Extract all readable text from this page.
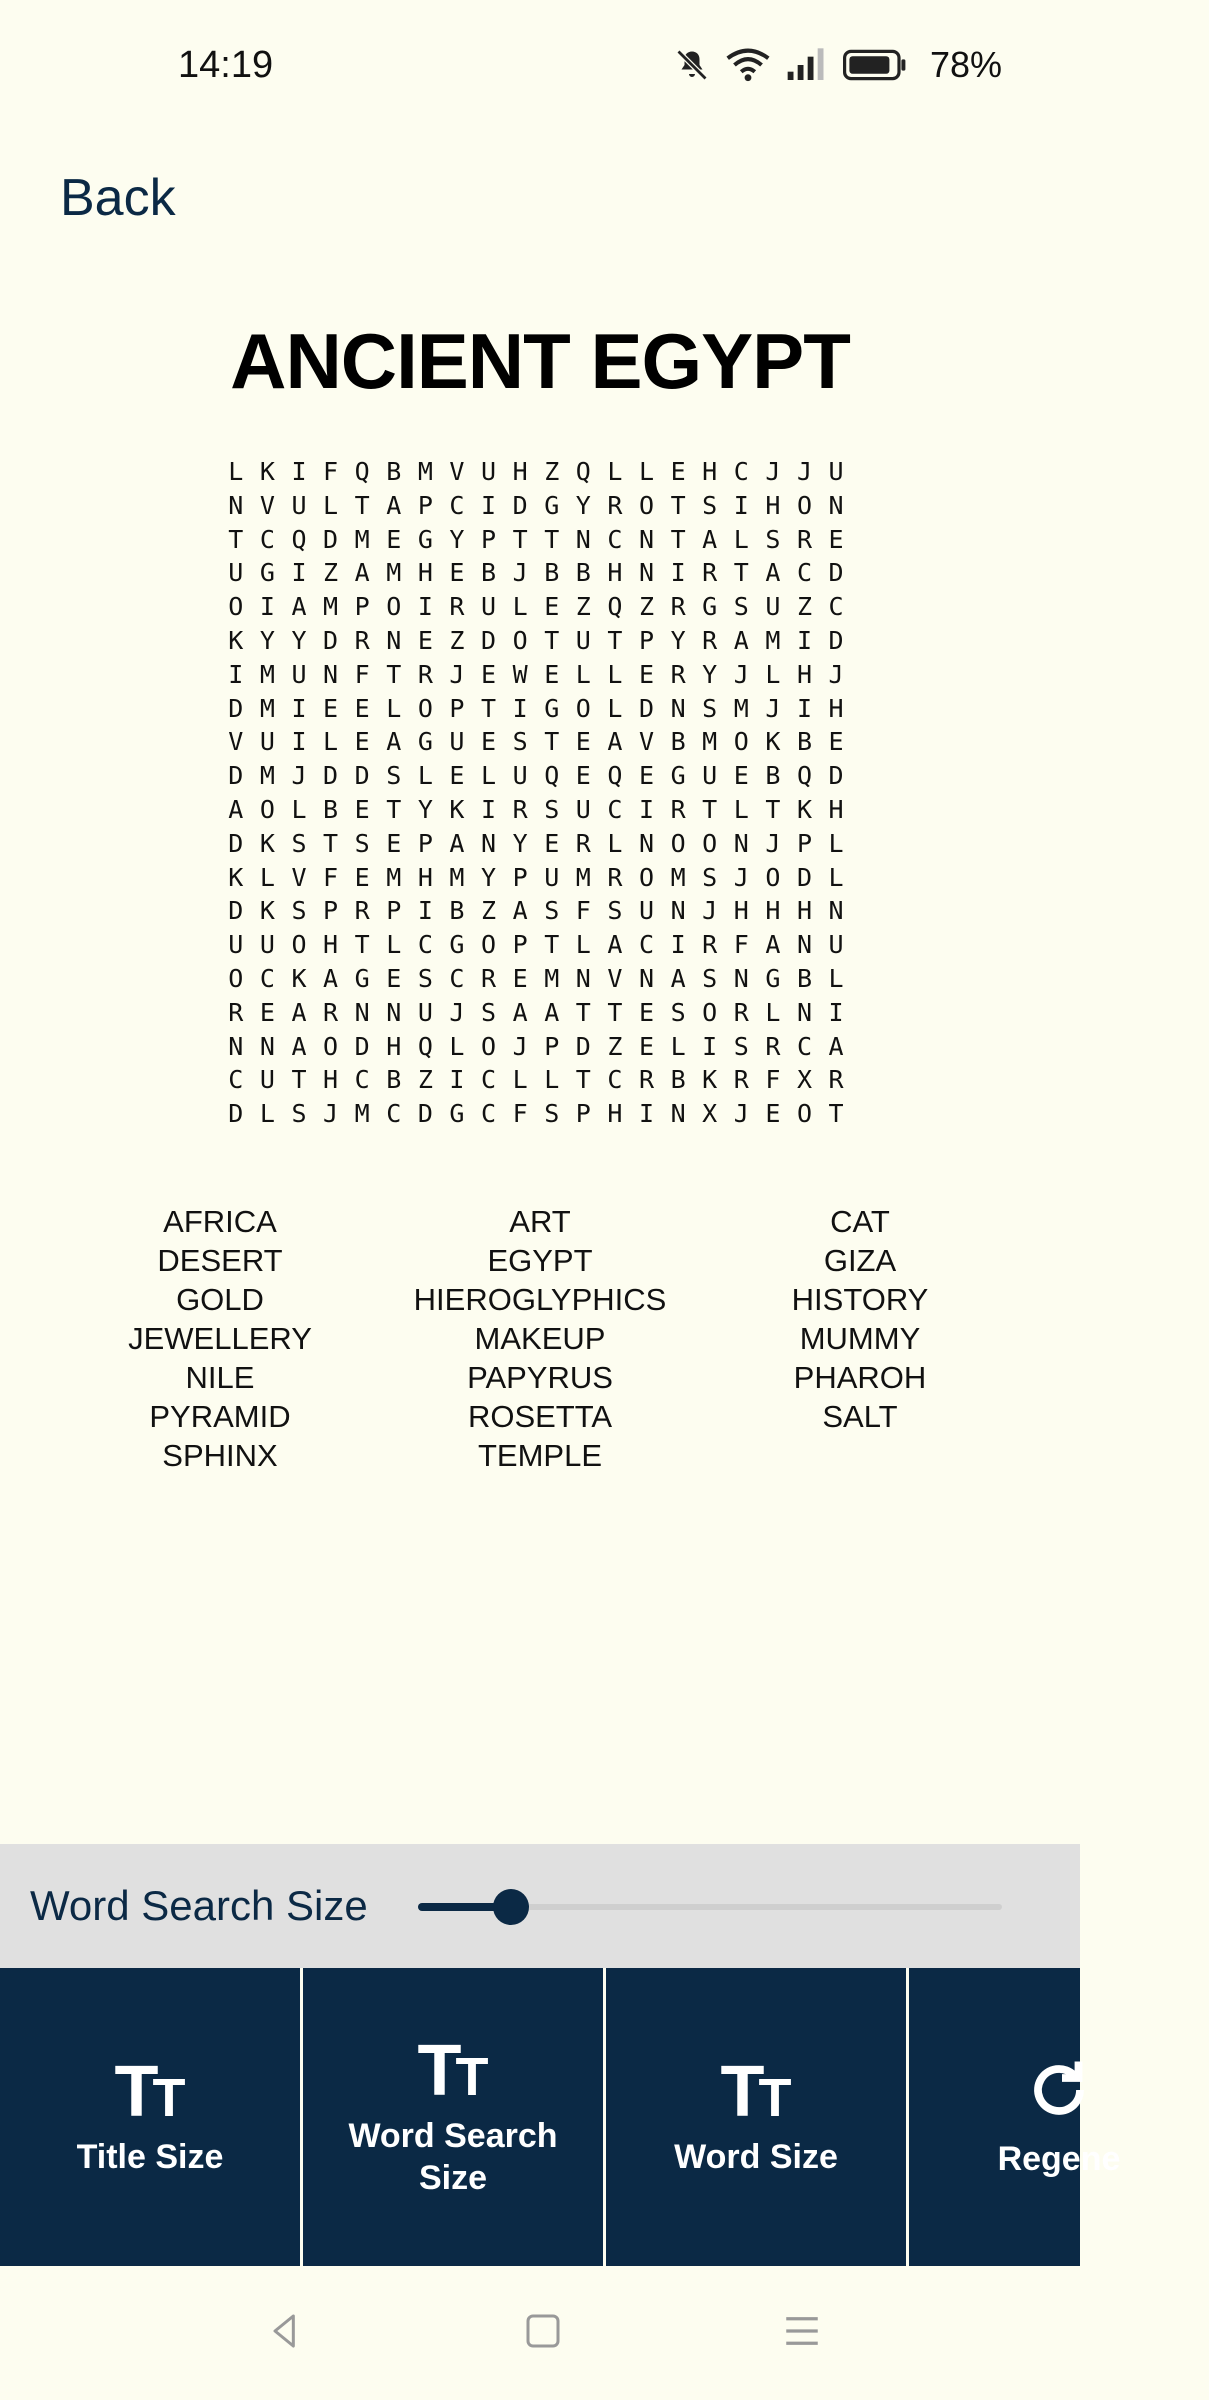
14:19	78%
Back
ANCIENT EGYPT
L K I F Q B M V U H Z Q L L E H C J J U
N V U L T A P C I D G Y R O T S I H O N
T C Q D M E G Y P T T N C N T A L S R E
U G I Z A M H E B J B B H N I R T A C D
O I A M P O I R U L E Z Q Z R G S U Z C
K Y Y D R N E Z D O T U T P Y R A M I D
I M U N F T R J E W E L L E R Y J L H J
D M I E E L O P T I G O L D N S M J I H
V U I L E A G U E S T E A V B M O K B E
D M J D D S L E L U Q E Q E G U E B Q D
A O L B E T Y K I R S U C I R T L T K H
D K S T S E P A N Y E R L N O O N J P L
K L V F E M H M Y P U M R O M S J O D L
D K S P R P I B Z A S F S U N J H H H N
U U O H T L C G O P T L A C I R F A N U
O C K A G E S C R E M N V N A S N G B L
R E A R N N U J S A A T T E S O R L N I
N N A O D H Q L O J P D Z E L I S R C A
C U T H C B Z I C L L T C R B K R F X R
D L S J M C D G C F S P H I N X J E O T
AFRICA
DESERT
GOLD
JEWELLERY
NILE
PYRAMID
SPHINX
ART
EGYPT
HIEROGLYPHICS
MAKEUP
PAPYRUS
ROSETTA
TEMPLE
CAT
GIZA
HISTORY
MUMMY
PHAROH
SALT
Word Search Size
TT
Title Size
TT
Word Search Size
TT
Word Size	Regene
